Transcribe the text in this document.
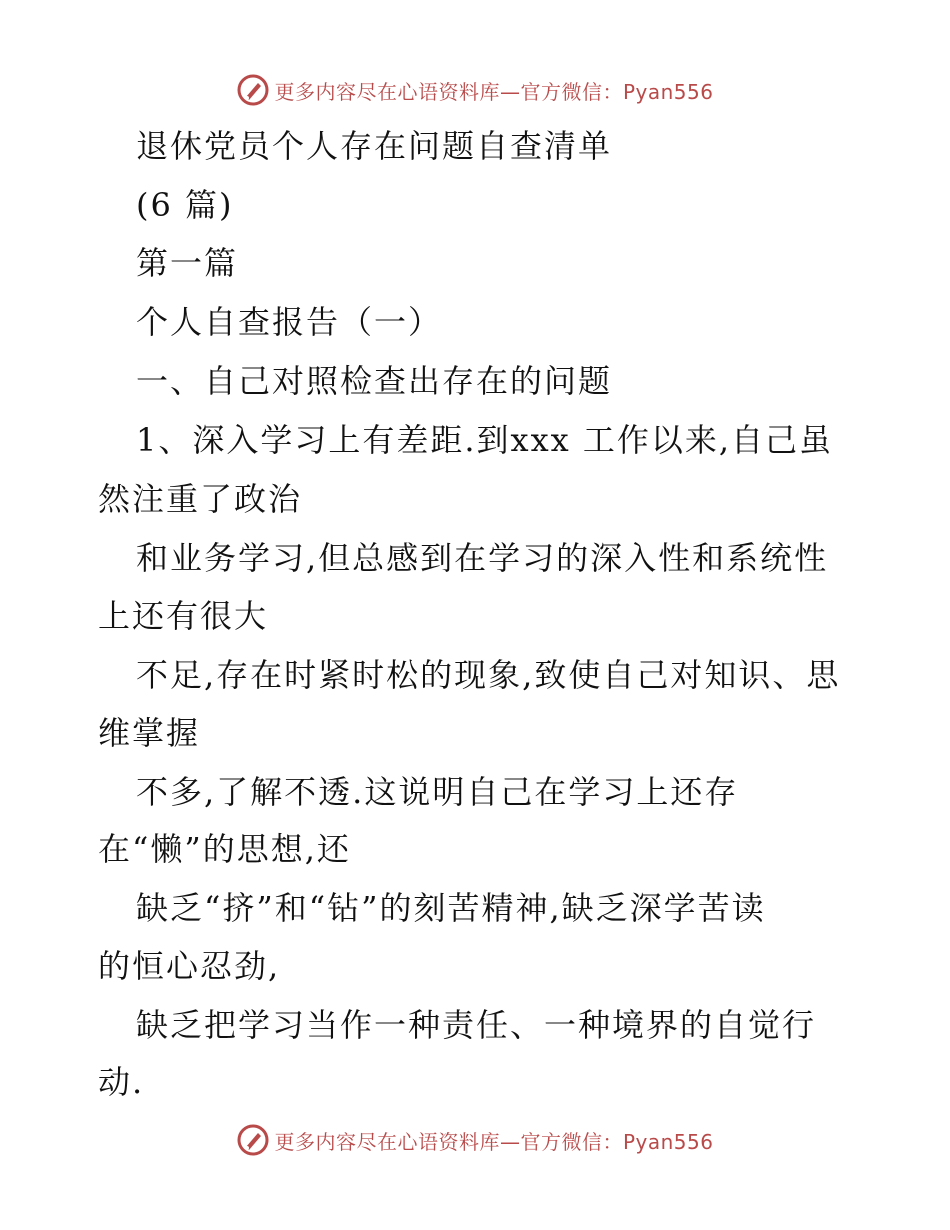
更多内容尽在心语资料库—官方微信：Pyan556
退休党员个人存在问题自查清单
(6 篇)
第一篇
个人自查报告（一）
一、自己对照检查出存在的问题
1、深入学习上有差距.到xxx 工作以来,自己虽
然注重了政治
和业务学习,但总感到在学习的深入性和系统性
上还有很大
不足,存在时紧时松的现象,致使自己对知识、思
维掌握
不多,了解不透.这说明自己在学习上还存
在“懒”的思想,还
缺乏“挤”和“钻”的刻苦精神,缺乏深学苦读
的恒心忍劲,
缺乏把学习当作一种责任、一种境界的自觉行
动.
更多内容尽在心语资料库—官方微信：Pyan556
